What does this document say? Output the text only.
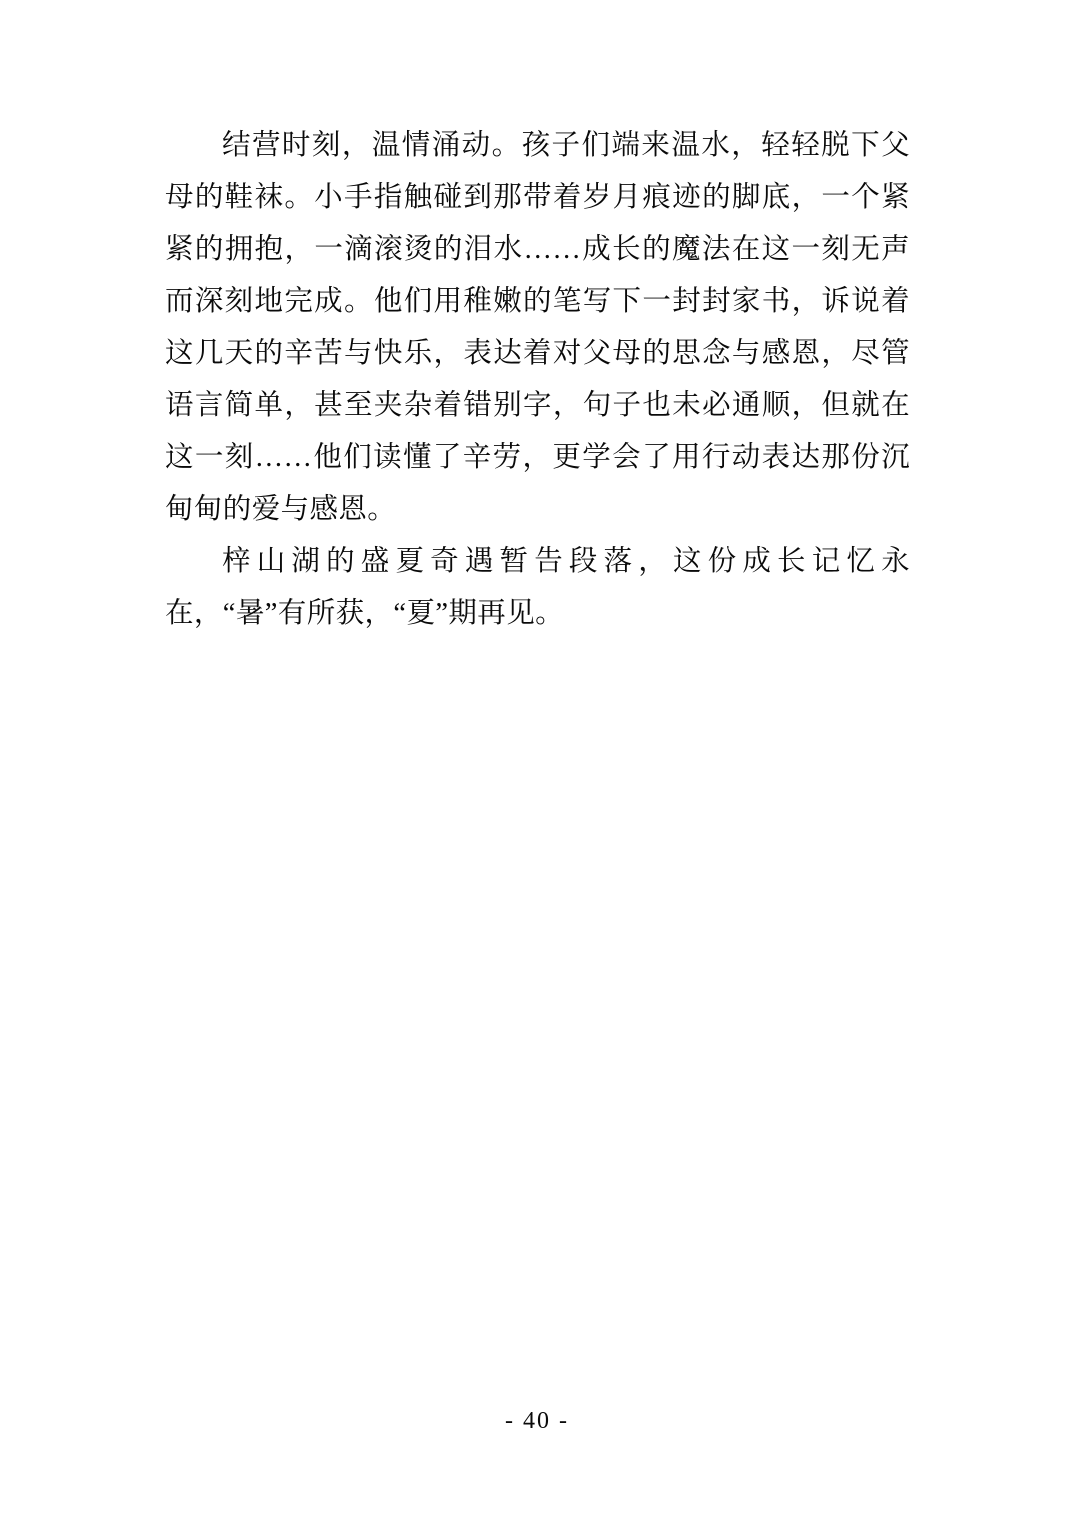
结营时刻，温情涌动。孩子们端来温水，轻轻脱下父母的鞋袜。小手指触碰到那带着岁月痕迹的脚底，一个紧紧的拥抱，一滴滚烫的泪水……成长的魔法在这一刻无声而深刻地完成。他们用稚嫩的笔写下一封封家书，诉说着这几天的辛苦与快乐，表达着对父母的思念与感恩，尽管语言简单，甚至夹杂着错别字，句子也未必通顺，但就在这一刻……他们读懂了辛劳，更学会了用行动表达那份沉甸甸的爱与感恩。

梓山湖的盛夏奇遇暂告段落，这份成长记忆永在，“暑”有所获，“夏”期再见。

- 40 -
